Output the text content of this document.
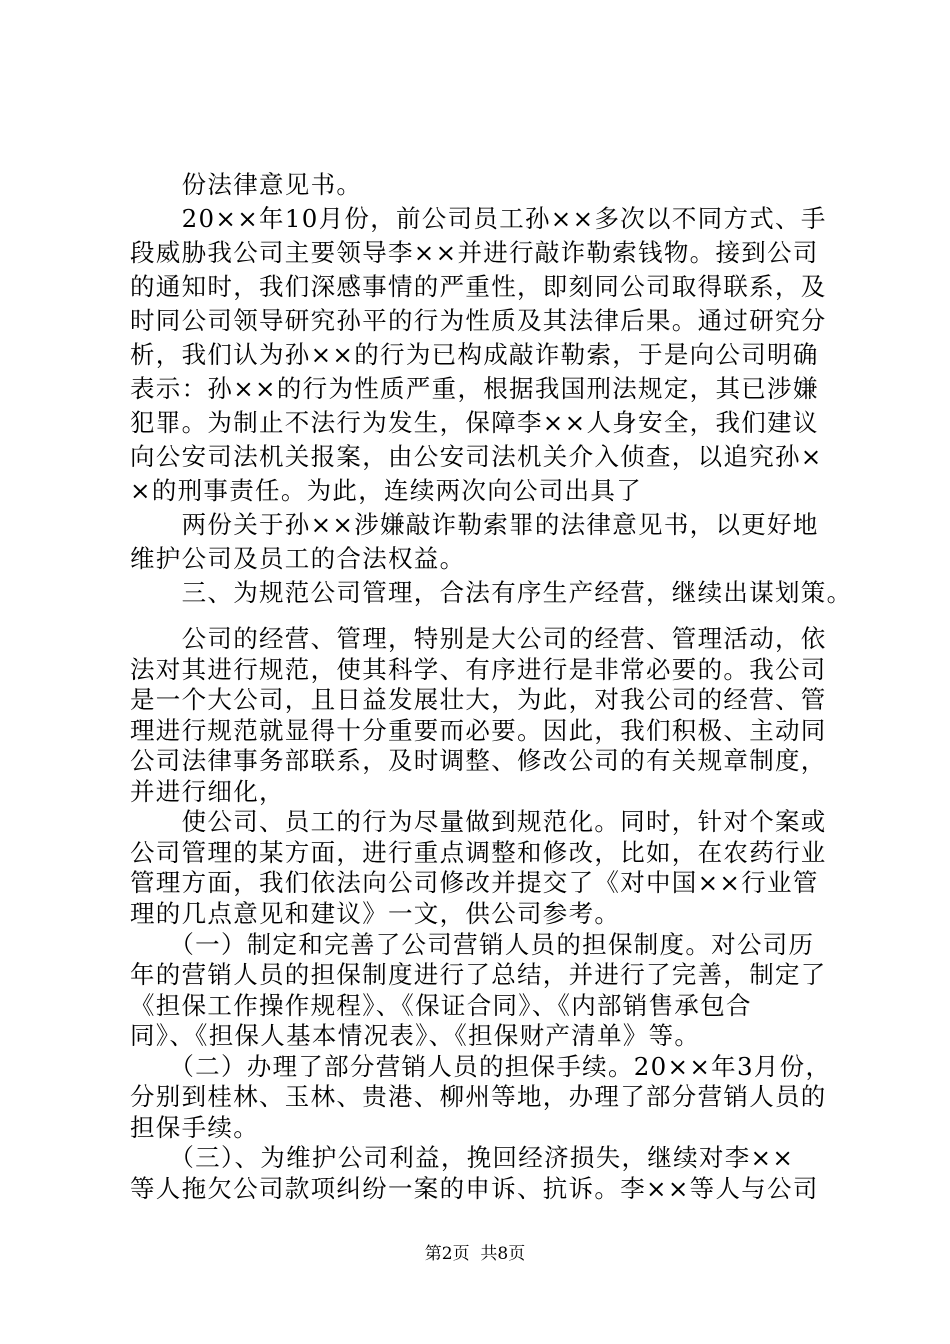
　　份法律意见书。
　　20××年10月份，前公司员工孙××多次以不同方式、手
段威胁我公司主要领导李××并进行敲诈勒索钱物。接到公司
的通知时，我们深感事情的严重性，即刻同公司取得联系，及
时同公司领导研究孙平的行为性质及其法律后果。通过研究分
析，我们认为孙××的行为已构成敲诈勒索，于是向公司明确
表示：孙××的行为性质严重，根据我国刑法规定，其已涉嫌
犯罪。为制止不法行为发生，保障李××人身安全，我们建议
向公安司法机关报案，由公安司法机关介入侦查，以追究孙×
×的刑事责任。为此，连续两次向公司出具了
　　两份关于孙××涉嫌敲诈勒索罪的法律意见书，以更好地
维护公司及员工的合法权益。
　　三、为规范公司管理，合法有序生产经营，继续出谋划策。
　　公司的经营、管理，特别是大公司的经营、管理活动，依
法对其进行规范，使其科学、有序进行是非常必要的。我公司
是一个大公司，且日益发展壮大，为此，对我公司的经营、管
理进行规范就显得十分重要而必要。因此，我们积极、主动同
公司法律事务部联系，及时调整、修改公司的有关规章制度，
并进行细化，
　　使公司、员工的行为尽量做到规范化。同时，针对个案或
公司管理的某方面，进行重点调整和修改，比如，在农药行业
管理方面，我们依法向公司修改并提交了《对中国××行业管
理的几点意见和建议》一文，供公司参考。
　　（一）制定和完善了公司营销人员的担保制度。对公司历
年的营销人员的担保制度进行了总结，并进行了完善，制定了
《担保工作操作规程》、《保证合同》、《内部销售承包合
同》、《担保人基本情况表》、《担保财产清单》等。
　　（二）办理了部分营销人员的担保手续。20××年3月份，
分别到桂林、玉林、贵港、柳州等地，办理了部分营销人员的
担保手续。
　　（三）、为维护公司利益，挽回经济损失，继续对李××
第2页  共8页
等人拖欠公司款项纠纷一案的申诉、抗诉。李××等人与公司
